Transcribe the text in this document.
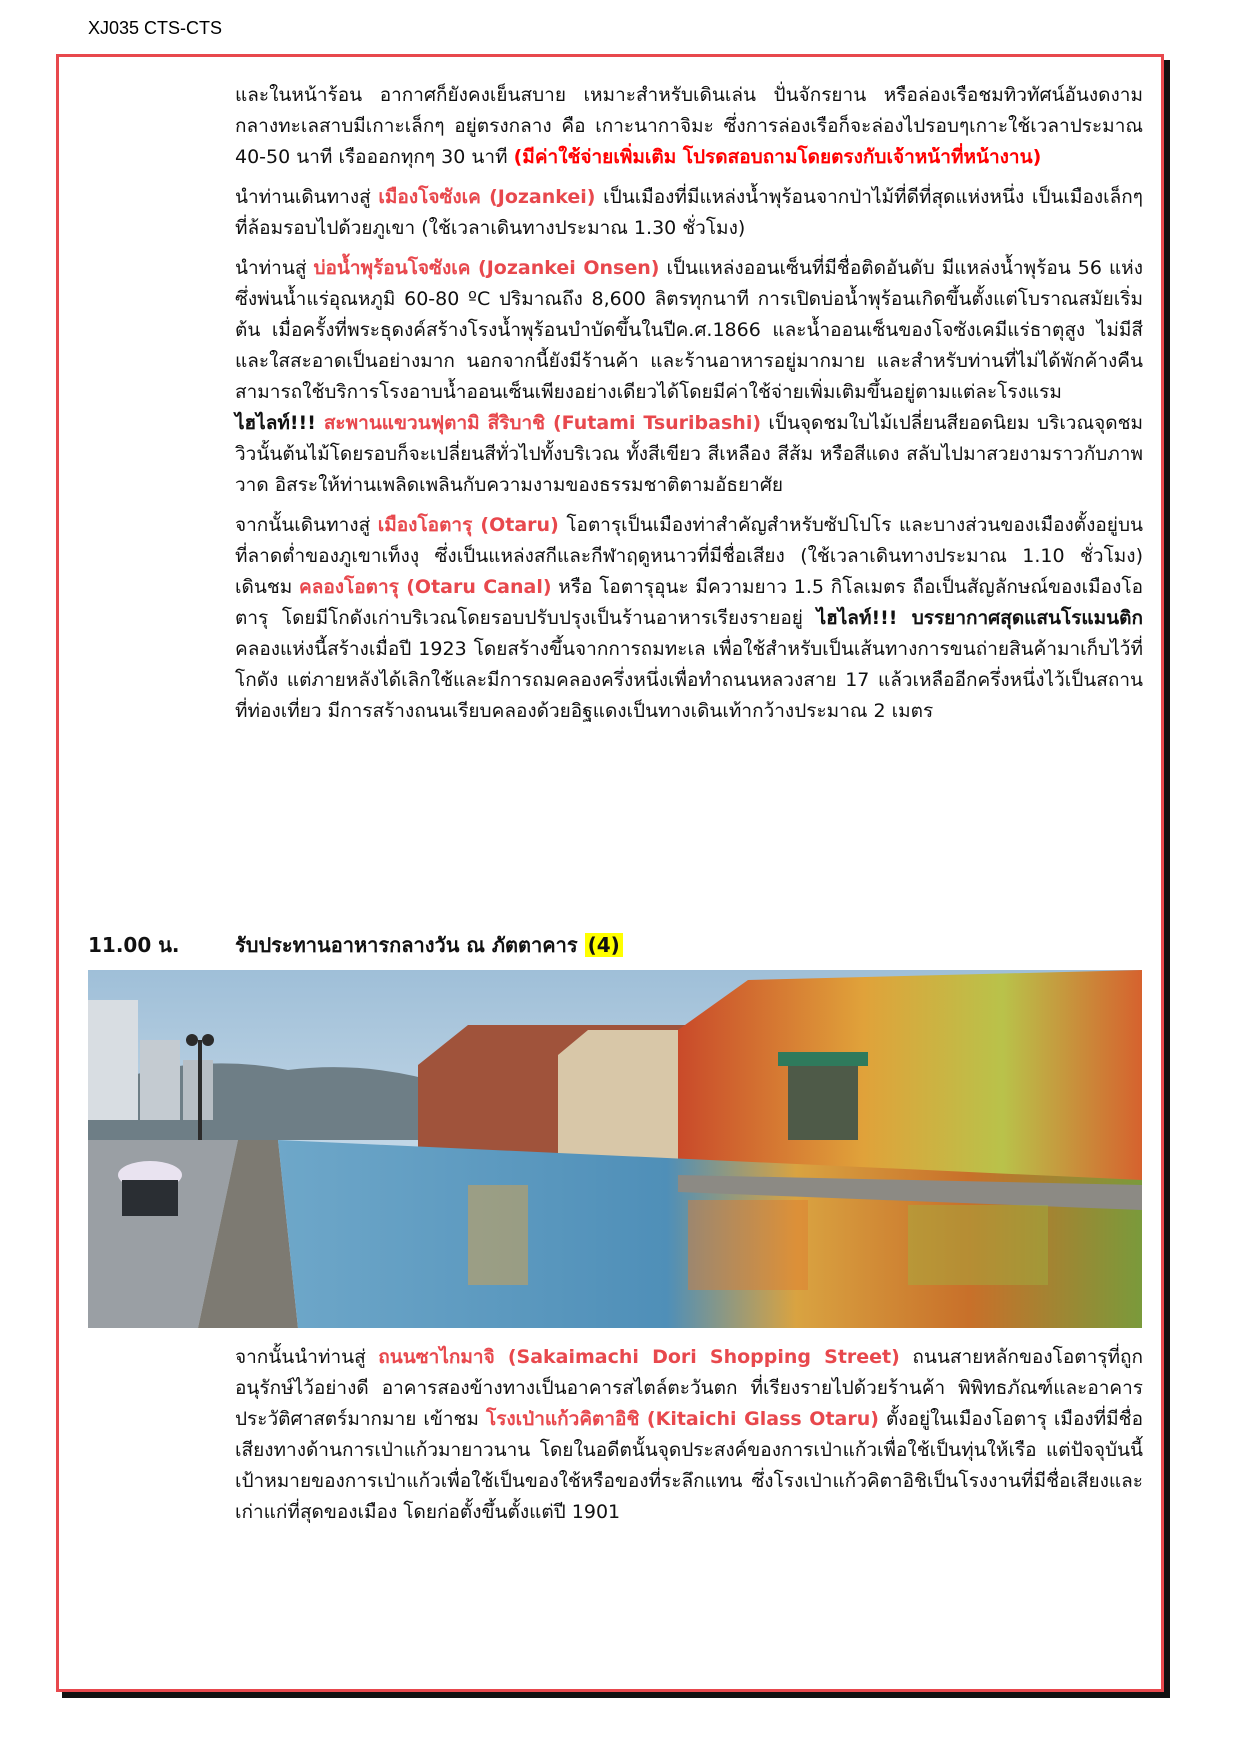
XJ035 CTS-CTS

และในหน้าร้อน อากาศก็ยังคงเย็นสบาย เหมาะสำหรับเดินเล่น ปั่นจักรยาน หรือล่องเรือชมทิวทัศน์อันงดงาม กลางทะเลสาบมีเกาะเล็กๆ อยู่ตรงกลาง คือ เกาะนากาจิมะ ซึ่งการล่องเรือก็จะล่องไปรอบๆเกาะใช้เวลาประมาณ 40-50 นาที เรือออกทุกๆ 30 นาที (มีค่าใช้จ่ายเพิ่มเติม โปรดสอบถามโดยตรงกับเจ้าหน้าที่หน้างาน)

นำท่านเดินทางสู่ เมืองโจซังเค (Jozankei) เป็นเมืองที่มีแหล่งน้ำพุร้อนจากป่าไม้ที่ดีที่สุดแห่งหนึ่ง เป็นเมืองเล็กๆ ที่ล้อมรอบไปด้วยภูเขา (ใช้เวลาเดินทางประมาณ 1.30 ชั่วโมง)

นำท่านสู่ บ่อน้ำพุร้อนโจซังเค (Jozankei Onsen) เป็นแหล่งออนเซ็นที่มีชื่อติดอันดับ มีแหล่งน้ำพุร้อน 56 แห่ง ซึ่งพ่นน้ำแร่อุณหภูมิ 60-80 ºC ปริมาณถึง 8,600 ลิตรทุกนาที การเปิดบ่อน้ำพุร้อนเกิดขึ้นตั้งแต่โบราณสมัยเริ่มต้น เมื่อครั้งที่พระธุดงค์สร้างโรงน้ำพุร้อนบำบัดขึ้นในปีค.ศ.1866 และน้ำออนเซ็นของโจซังเคมีแร่ธาตุสูง ไม่มีสีและใสสะอาดเป็นอย่างมาก นอกจากนี้ยังมีร้านค้า และร้านอาหารอยู่มากมาย และสำหรับท่านที่ไม่ได้พักค้างคืนสามารถใช้บริการโรงอาบน้ำออนเซ็นเพียงอย่างเดียวได้โดยมีค่าใช้จ่ายเพิ่มเติมขึ้นอยู่ตามแต่ละโรงแรม ไฮไลท์!!! สะพานแขวนฟุตามิ สีริบาชิ (Futami Tsuribashi) เป็นจุดชมใบไม้เปลี่ยนสียอดนิยม บริเวณจุดชมวิวนั้นต้นไม้โดยรอบก็จะเปลี่ยนสีทั่วไปทั้งบริเวณ ทั้งสีเขียว สีเหลือง สีส้ม หรือสีแดง สลับไปมาสวยงามราวกับภาพวาด อิสระให้ท่านเพลิดเพลินกับความงามของธรรมชาติตามอัธยาศัย

จากนั้นเดินทางสู่ เมืองโอตารุ (Otaru) โอตารุเป็นเมืองท่าสำคัญสำหรับซัปโปโร และบางส่วนของเมืองตั้งอยู่บนที่ลาดต่ำของภูเขาเท็งงุ ซึ่งเป็นแหล่งสกีและกีฬาฤดูหนาวที่มีชื่อเสียง (ใช้เวลาเดินทางประมาณ 1.10 ชั่วโมง) เดินชม คลองโอตารุ (Otaru Canal) หรือ โอตารุอุนะ มีความยาว 1.5 กิโลเมตร ถือเป็นสัญลักษณ์ของเมืองโอตารุ โดยมีโกดังเก่าบริเวณโดยรอบปรับปรุงเป็นร้านอาหารเรียงรายอยู่ ไฮไลท์!!! บรรยากาศสุดแสนโรแมนติก คลองแห่งนี้สร้างเมื่อปี 1923 โดยสร้างขึ้นจากการถมทะเล เพื่อใช้สำหรับเป็นเส้นทางการขนถ่ายสินค้ามาเก็บไว้ที่โกดัง แต่ภายหลังได้เลิกใช้และมีการถมคลองครึ่งหนึ่งเพื่อทำถนนหลวงสาย 17 แล้วเหลืออีกครึ่งหนึ่งไว้เป็นสถานที่ท่องเที่ยว มีการสร้างถนนเรียบคลองด้วยอิฐแดงเป็นทางเดินเท้ากว้างประมาณ 2 เมตร

11.00 น.	รับประทานอาหารกลางวัน ณ ภัตตาคาร (4)

จากนั้นนำท่านสู่ ถนนซาไกมาจิ (Sakaimachi Dori Shopping Street) ถนนสายหลักของโอตารุที่ถูกอนุรักษ์ไว้อย่างดี อาคารสองข้างทางเป็นอาคารสไตล์ตะวันตก ที่เรียงรายไปด้วยร้านค้า พิพิทธภัณฑ์และอาคารประวัติศาสตร์มากมาย เข้าชม โรงเป่าแก้วคิตาอิชิ (Kitaichi Glass Otaru) ตั้งอยู่ในเมืองโอตารุ เมืองที่มีชื่อเสียงทางด้านการเป่าแก้วมายาวนาน โดยในอดีตนั้นจุดประสงค์ของการเป่าแก้วเพื่อใช้เป็นทุ่นให้เรือ แต่ปัจจุบันนี้เป้าหมายของการเป่าแก้วเพื่อใช้เป็นของใช้หรือของที่ระลึกแทน ซึ่งโรงเป่าแก้วคิตาอิชิเป็นโรงงานที่มีชื่อเสียงและเก่าแก่ที่สุดของเมือง โดยก่อตั้งขึ้นตั้งแต่ปี 1901
